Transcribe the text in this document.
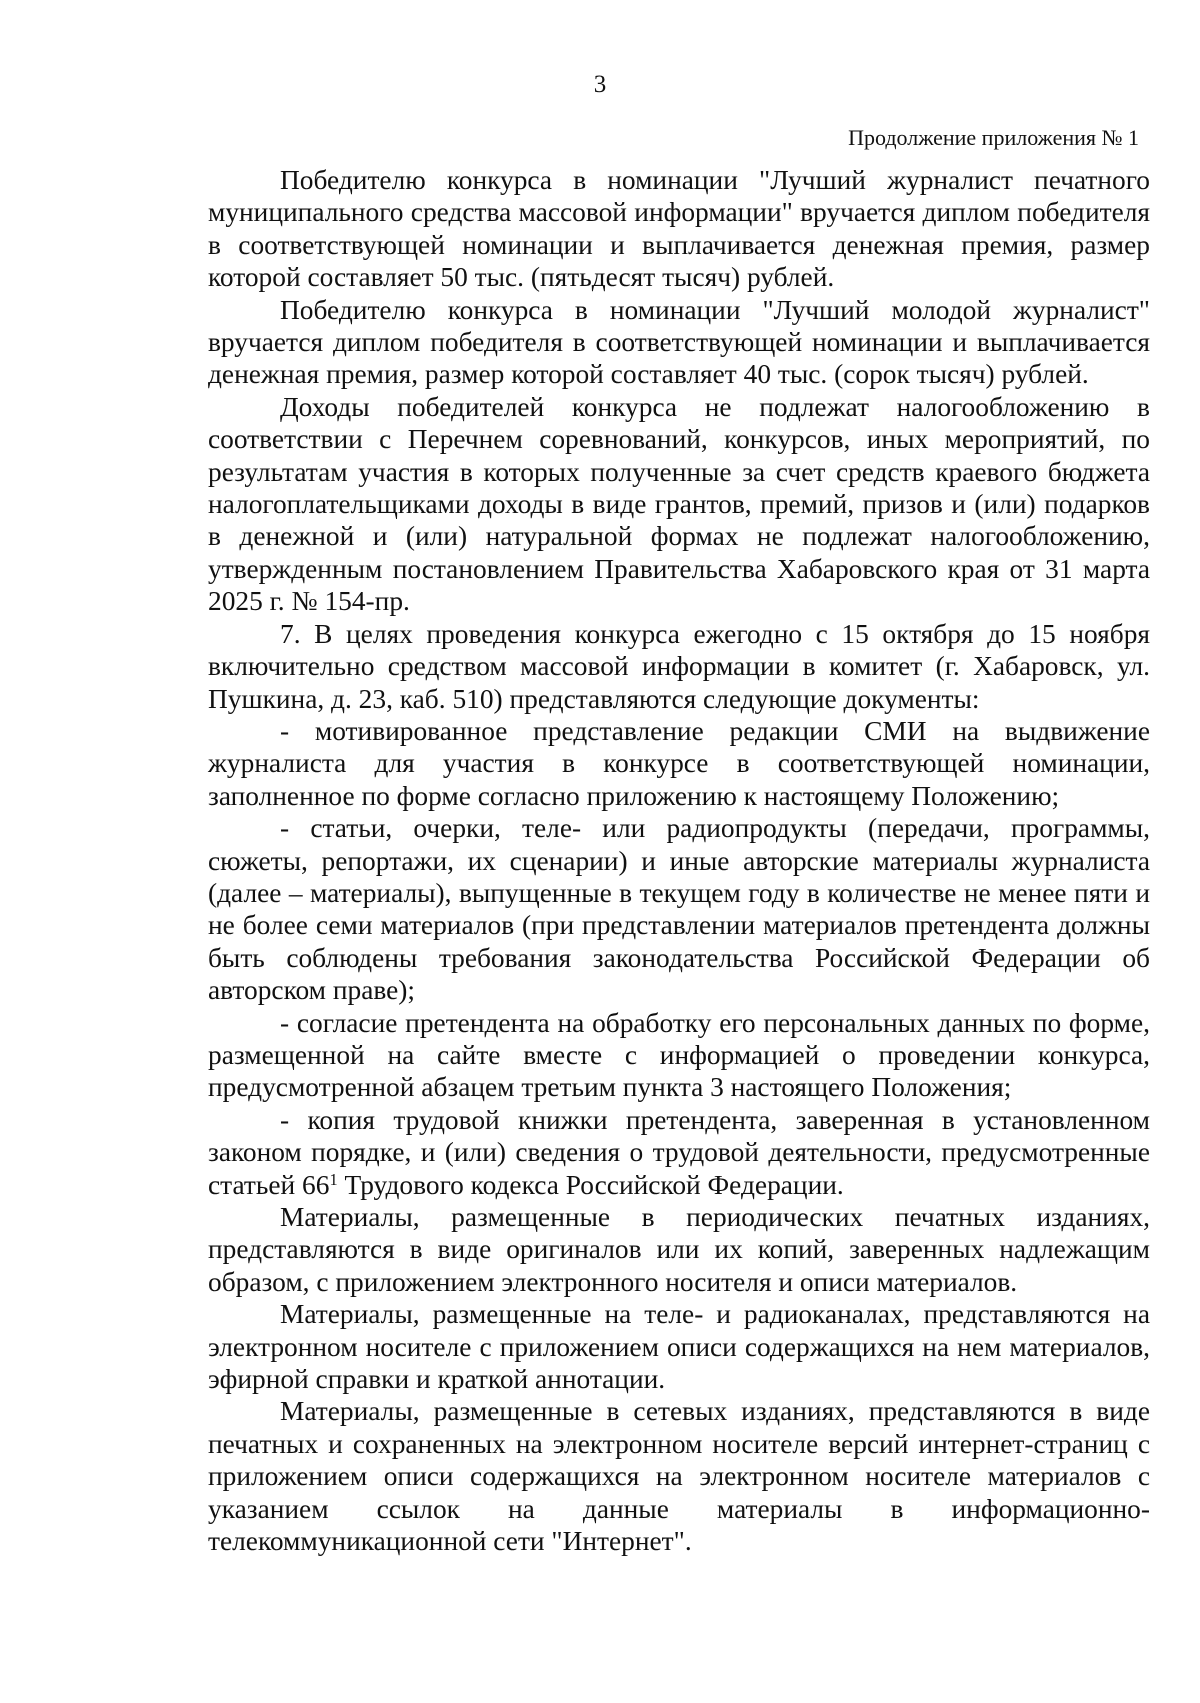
3
Продолжение приложения № 1

Победителю конкурса в номинации "Лучший журналист печатного муниципального средства массовой информации" вручается диплом победителя в соответствующей номинации и выплачивается денежная премия, размер которой составляет 50 тыс. (пятьдесят тысяч) рублей.

Победителю конкурса в номинации "Лучший молодой журналист" вручается диплом победителя в соответствующей номинации и выплачивается денежная премия, размер которой составляет 40 тыс. (сорок тысяч) рублей.

Доходы победителей конкурса не подлежат налогообложению в соответствии с Перечнем соревнований, конкурсов, иных мероприятий, по результатам участия в которых полученные за счет средств краевого бюджета налогоплательщиками доходы в виде грантов, премий, призов и (или) подарков в денежной и (или) натуральной формах не подлежат налогообложению, утвержденным постановлением Правительства Хабаровского края от 31 марта 2025 г. № 154-пр.

7. В целях проведения конкурса ежегодно с 15 октября до 15 ноября включительно средством массовой информации в комитет (г. Хабаровск, ул. Пушкина, д. 23, каб. 510) представляются следующие документы:

- мотивированное представление редакции СМИ на выдвижение журналиста для участия в конкурсе в соответствующей номинации, заполненное по форме согласно приложению к настоящему Положению;

- статьи, очерки, теле- или радиопродукты (передачи, программы, сюжеты, репортажи, их сценарии) и иные авторские материалы журналиста (далее – материалы), выпущенные в текущем году в количестве не менее пяти и не более семи материалов (при представлении материалов претендента должны быть соблюдены требования законодательства Российской Федерации об авторском праве);

- согласие претендента на обработку его персональных данных по форме, размещенной на сайте вместе с информацией о проведении конкурса, предусмотренной абзацем третьим пункта 3 настоящего Положения;

- копия трудовой книжки претендента, заверенная в установленном законом порядке, и (или) сведения о трудовой деятельности, предусмотренные статьей $66^1$ Трудового кодекса Российской Федерации.

Материалы, размещенные в периодических печатных изданиях, представляются в виде оригиналов или их копий, заверенных надлежащим образом, с приложением электронного носителя и описи материалов.

Материалы, размещенные на теле- и радиоканалах, представляются на электронном носителе с приложением описи содержащихся на нем материалов, эфирной справки и краткой аннотации.

Материалы, размещенные в сетевых изданиях, представляются в виде печатных и сохраненных на электронном носителе версий интернет-страниц с приложением описи содержащихся на электронном носителе материалов с указанием ссылок на данные материалы в информационно-телекоммуникационной сети "Интернет".
